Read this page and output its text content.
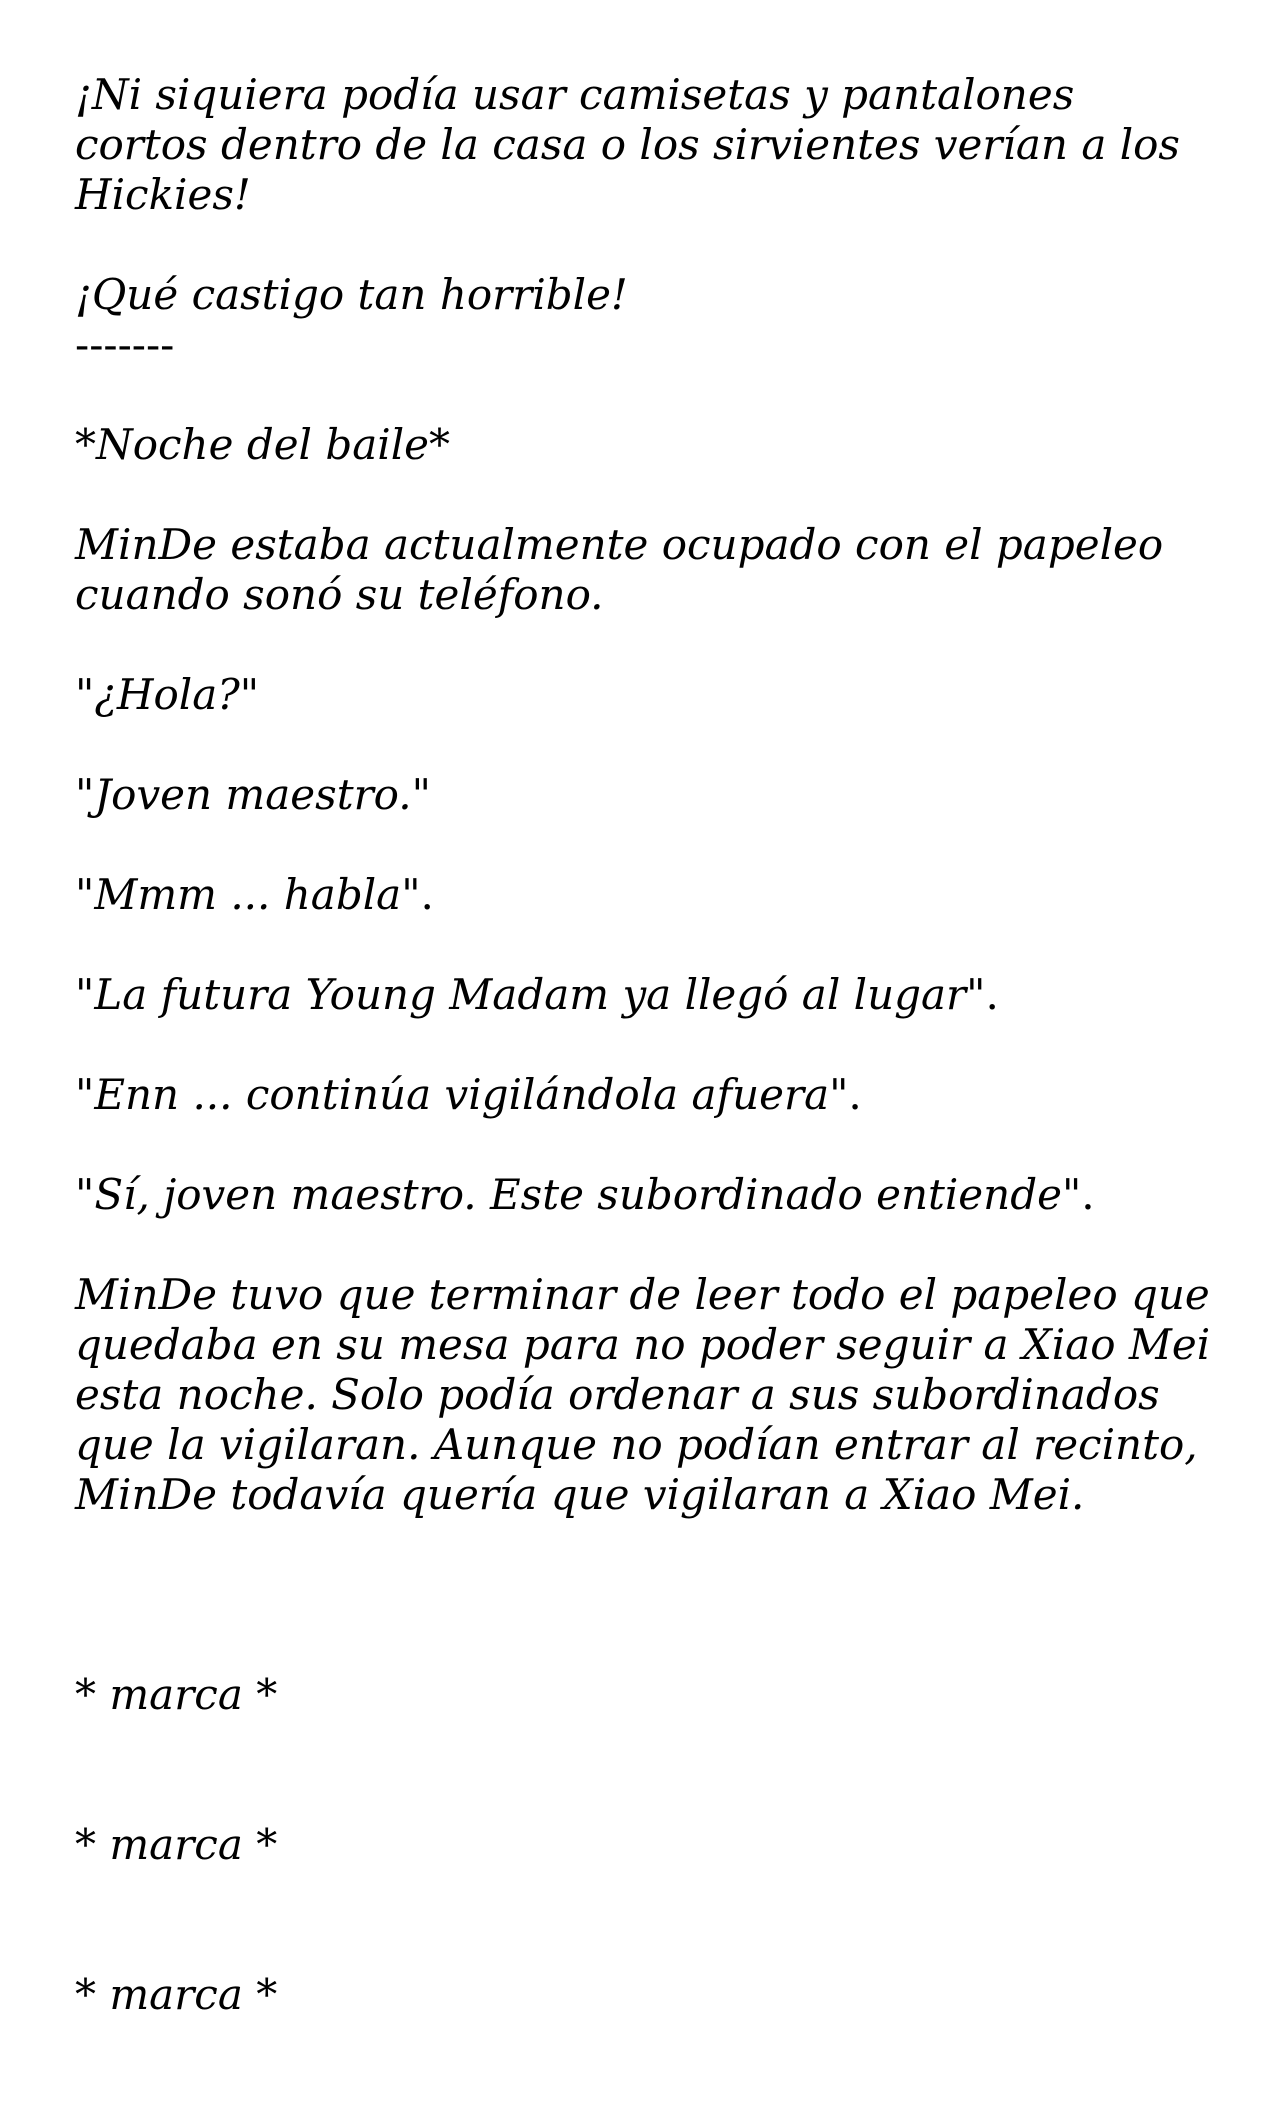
¡Ni siquiera podía usar camisetas y pantalones cortos dentro de la casa o los sirvientes verían a los Hickies!
¡Qué castigo tan horrible!
-------
*Noche del baile*
MinDe estaba actualmente ocupado con el papeleo cuando sonó su teléfono.
"¿Hola?"
"Joven maestro."
"Mmm ... habla".
"La futura Young Madam ya llegó al lugar".
"Enn ... continúa vigilándola afuera".
"Sí, joven maestro. Este subordinado entiende".
MinDe tuvo que terminar de leer todo el papeleo que quedaba en su mesa para no poder seguir a Xiao Mei esta noche. Solo podía ordenar a sus subordinados que la vigilaran. Aunque no podían entrar al recinto, MinDe todavía quería que vigilaran a Xiao Mei.

* marca *

* marca *

* marca *
